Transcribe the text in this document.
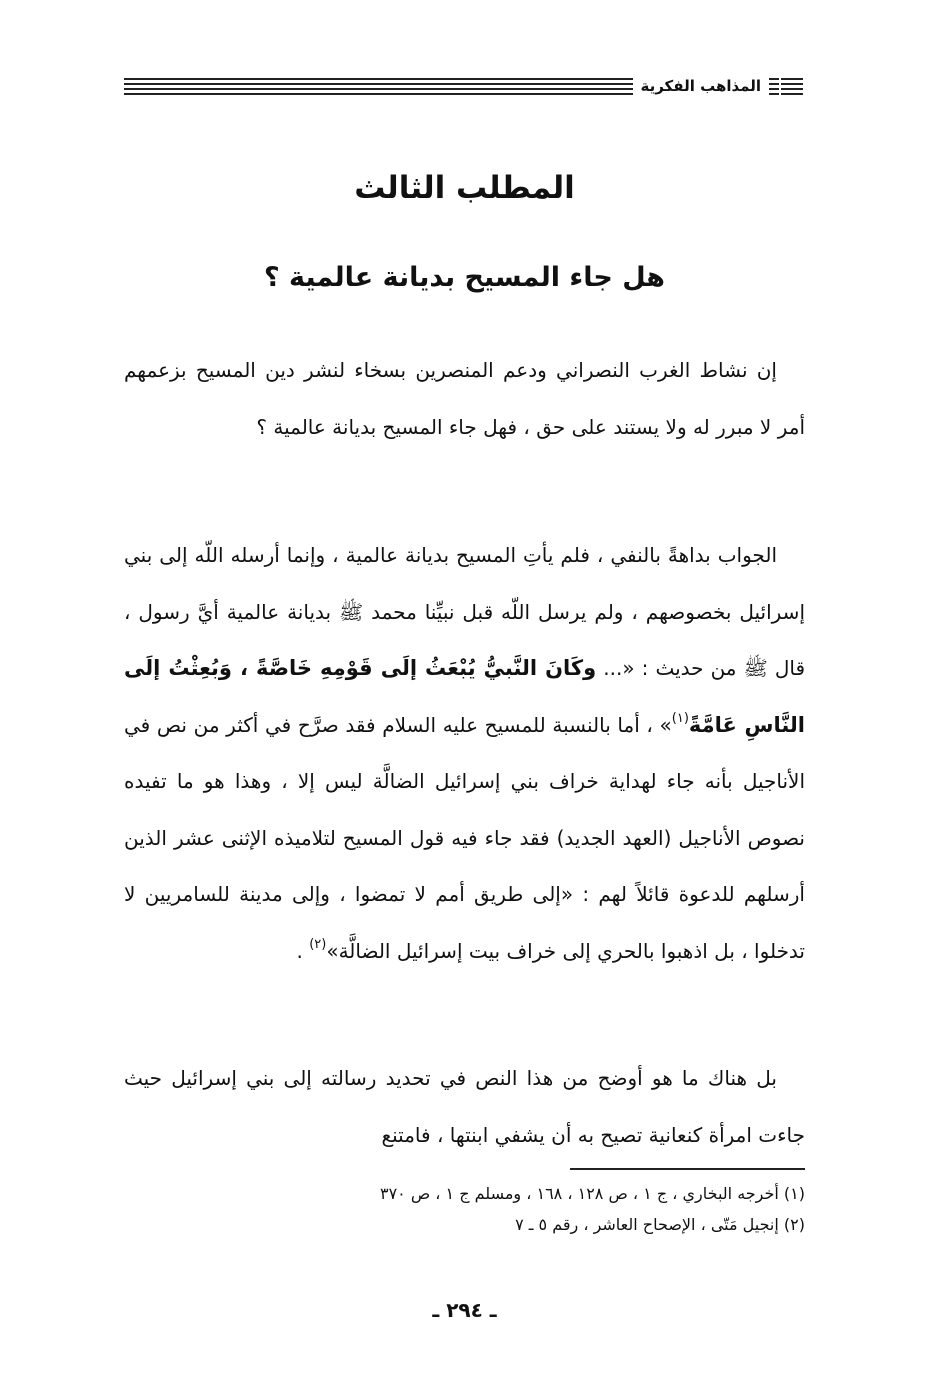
المذاهب الفكرية
المطلب الثالث
هل جاء المسيح بديانة عالمية ؟
إن نشاط الغرب النصراني ودعم المنصرين بسخاء لنشر دين المسيح بزعمهم أمر لا مبرر له ولا يستند على حق ، فهل جاء المسيح بديانة عالمية ؟
الجواب بداهةً بالنفي ، فلم يأتِ المسيح بديانة عالمية ، وإنما أرسله اللّه إلى بني إسرائيل بخصوصهم ، ولم يرسل اللّه قبل نبيِّنا محمد ﷺ بديانة عالمية أيَّ رسول ، قال ﷺ من حديث : «... وكَانَ النَّبيُّ يُبْعَثُ إلَى قَوْمِهِ خَاصَّةً ، وَبُعِثْتُ إلَى النَّاسِ عَامَّةً$^{(١)}$» ، أما بالنسبة للمسيح عليه السلام فقد صرَّح في أكثر من نص في الأناجيل بأنه جاء لهداية خراف بني إسرائيل الضالَّة ليس إلا ، وهذا هو ما تفيده نصوص الأناجيل (العهد الجديد) فقد جاء فيه قول المسيح لتلاميذه الإثنى عشر الذين أرسلهم للدعوة قائلاً لهم : «إلى طريق أمم لا تمضوا ، وإلى مدينة للسامريين لا تدخلوا ، بل اذهبوا بالحري إلى خراف بيت إسرائيل الضالَّة»$^{(٢)}$ .
بل هناك ما هو أوضح من هذا النص في تحديد رسالته إلى بني إسرائيل حيث جاءت امرأة كنعانية تصيح به أن يشفي ابنتها ، فامتنع
(١) أخرجه البخاري ، ج ١ ، ص ١٢٨ ، ١٦٨ ، ومسلم ج ١ ، ص ٣٧٠
(٢) إنجيل مَتّى ، الإصحاح العاشر ، رقم ٥ ـ ٧
ـ ٢٩٤ ـ
